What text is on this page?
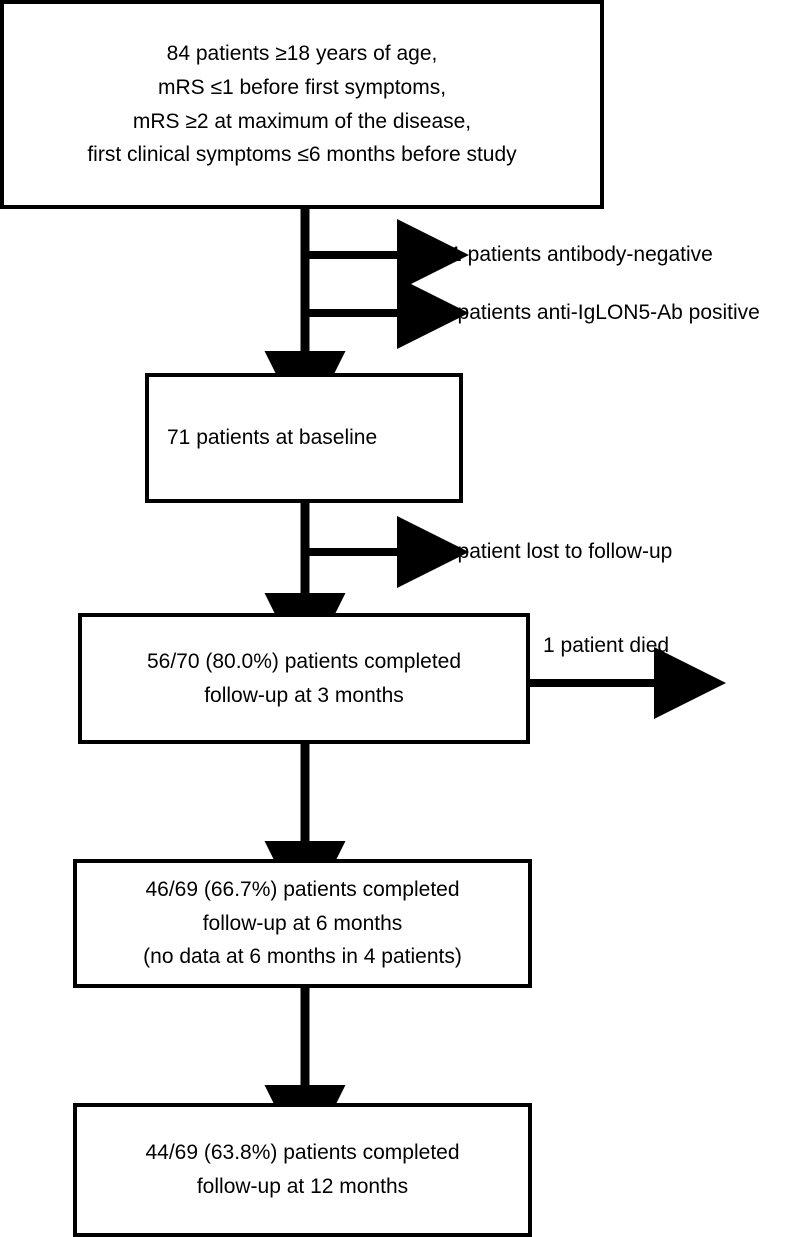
84 patients ≥18 years of age,
mRS ≤1 before first symptoms,
mRS ≥2 at maximum of the disease,
first clinical symptoms ≤6 months before study
11 patients antibody-negative
2 patients anti-IgLON5-Ab positive
71 patients at baseline
1 patient lost to follow-up
56/70 (80.0%) patients completed
follow-up at 3 months
1 patient died
46/69 (66.7%) patients completed
follow-up at 6 months
(no data at 6 months in 4 patients)
44/69 (63.8%) patients completed
follow-up at 12 months
